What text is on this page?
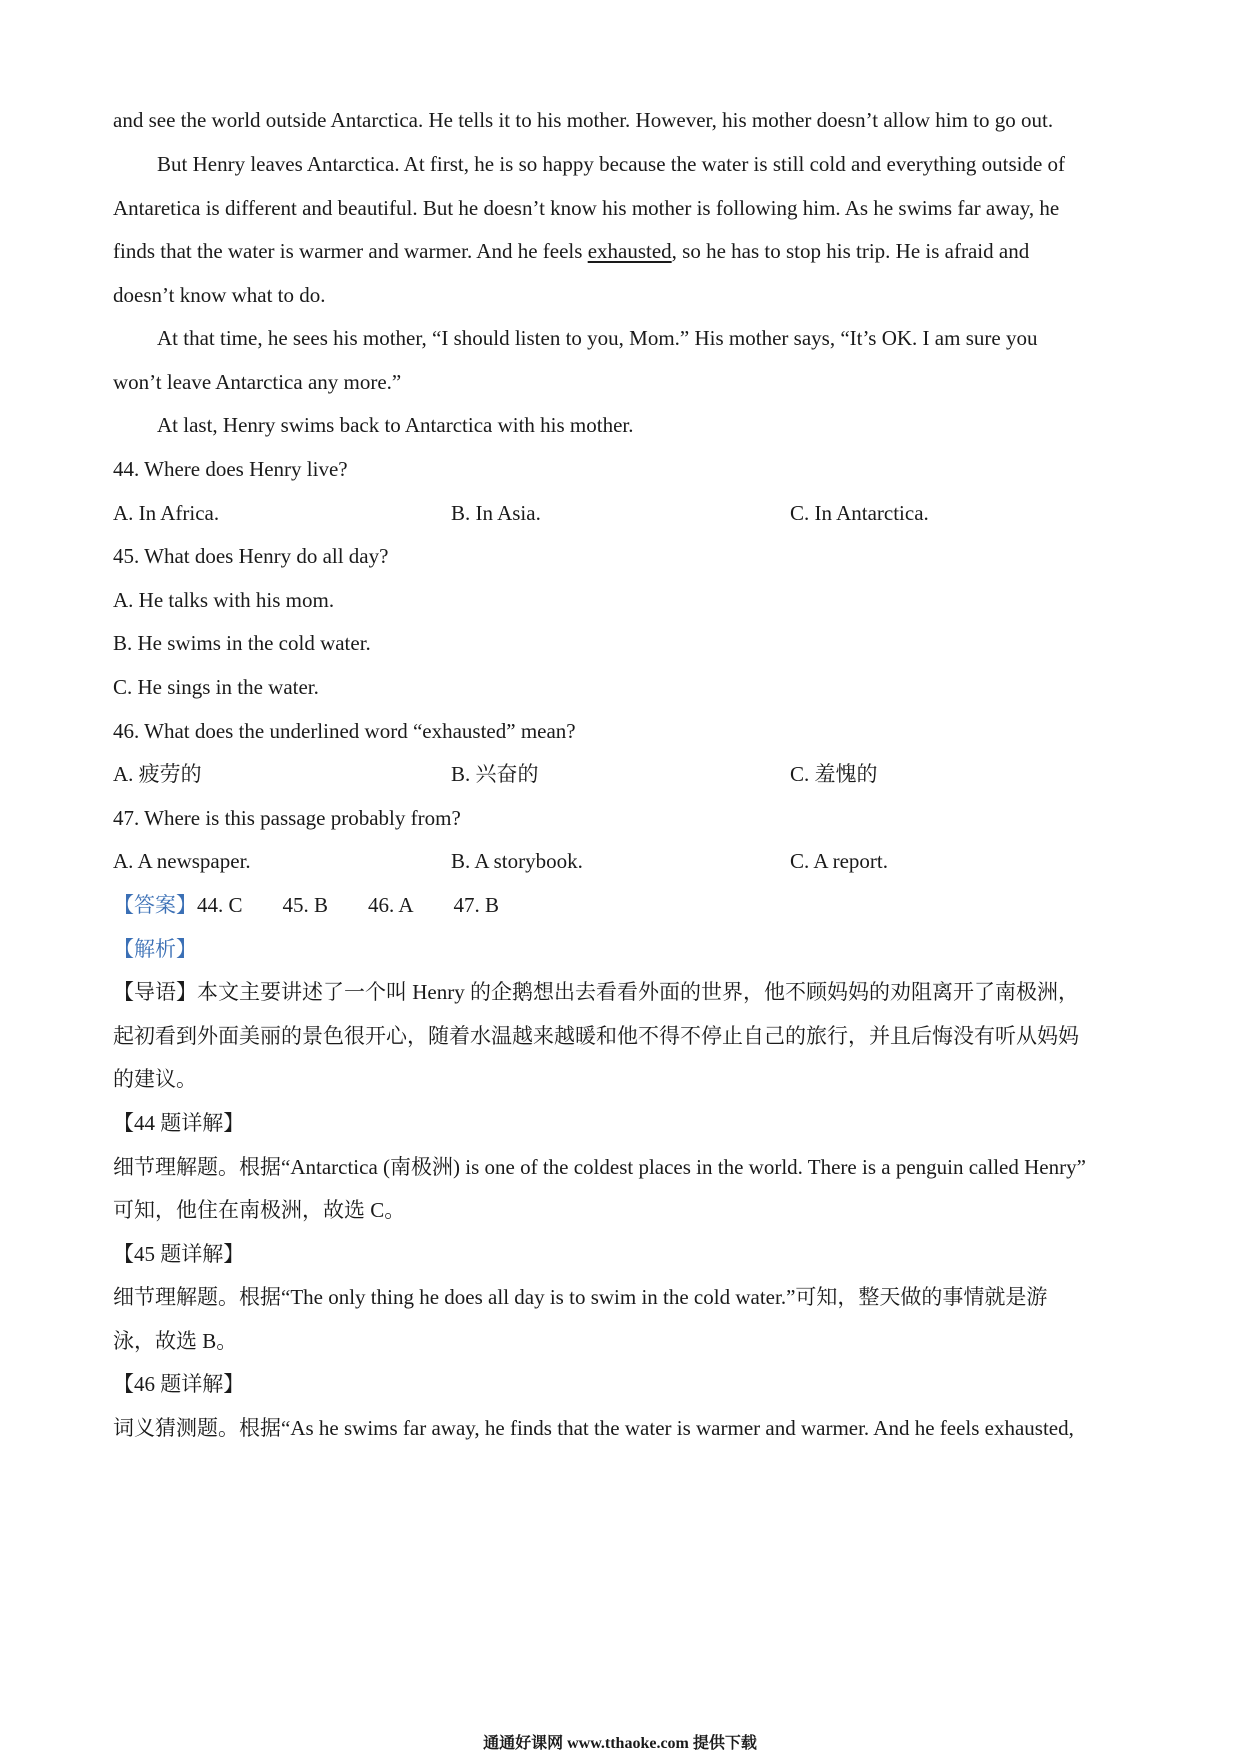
and see the world outside Antarctica. He tells it to his mother. However, his mother doesn’t allow him to go out.
But Henry leaves Antarctica. At first, he is so happy because the water is still cold and everything outside of
Antaretica is different and beautiful. But he doesn’t know his mother is following him. As he swims far away, he
finds that the water is warmer and warmer. And he feels exhausted, so he has to stop his trip. He is afraid and
doesn’t know what to do.
At that time, he sees his mother, “I should listen to you, Mom.” His mother says, “It’s OK. I am sure you
won’t leave Antarctica any more.”
At last, Henry swims back to Antarctica with his mother.
44. Where does Henry live?
A. In Africa.	B. In Asia.	C. In Antarctica.
45. What does Henry do all day?
A. He talks with his mom.
B. He swims in the cold water.
C. He sings in the water.
46. What does the underlined word “exhausted” mean?
A. 疲劳的	B. 兴奋的	C. 羞愧的
47. Where is this passage probably from?
A. A newspaper.	B. A storybook.	C. A report.
【答案】44. C 45. B 46. A 47. B
【解析】
【导语】本文主要讲述了一个叫 Henry 的企鹅想出去看看外面的世界，他不顾妈妈的劝阻离开了南极洲，
起初看到外面美丽的景色很开心，随着水温越来越暖和他不得不停止自己的旅行，并且后悔没有听从妈妈
的建议。
【44 题详解】
细节理解题。根据“Antarctica (南极洲) is one of the coldest places in the world. There is a penguin called Henry”
可知，他住在南极洲，故选 C。
【45 题详解】
细节理解题。根据“The only thing he does all day is to swim in the cold water.”可知，整天做的事情就是游
泳，故选 B。
【46 题详解】
词义猜测题。根据“As he swims far away, he finds that the water is warmer and warmer. And he feels exhausted,
通通好课网 www.tthaoke.com 提供下载
